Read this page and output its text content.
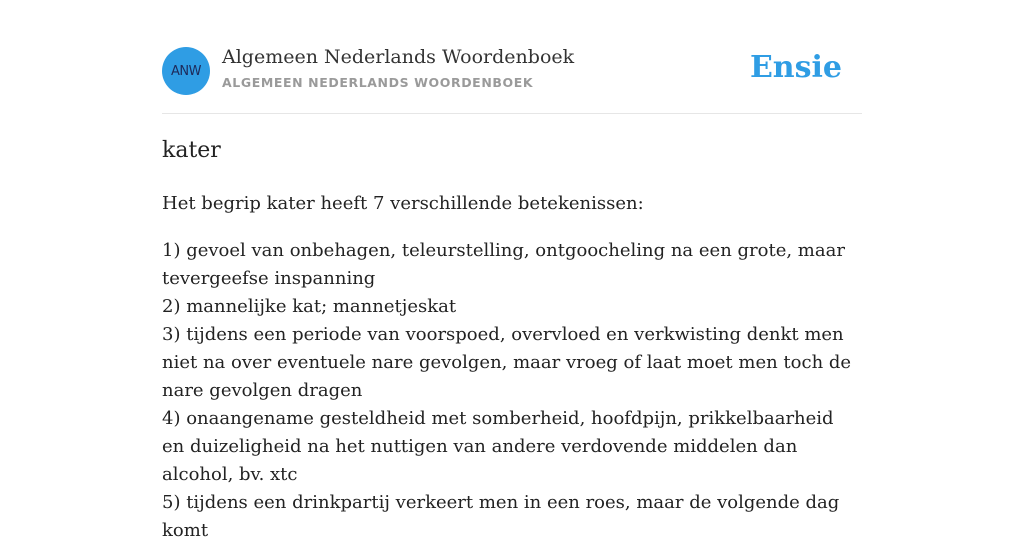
ANW
Algemeen Nederlands Woordenboek
ALGEMEEN NEDERLANDS WOORDENBOEK	Ensie
kater

Het begrip kater heeft 7 verschillende betekenissen:

1) gevoel van onbehagen, teleurstelling, ontgoocheling na een grote, maar tevergeefse inspanning
2) mannelijke kat; mannetjeskat
3) tijdens een periode van voorspoed, overvloed en verkwisting denkt men niet na over eventuele nare gevolgen, maar vroeg of laat moet men toch de nare gevolgen dragen
4) onaangename gesteldheid met somberheid, hoofdpijn, prikkelbaarheid en duizeligheid na het nuttigen van andere verdovende middelen dan alcohol, bv. xtc
5) tijdens een drinkpartij verkeert men in een roes, maar de volgende dag komt
